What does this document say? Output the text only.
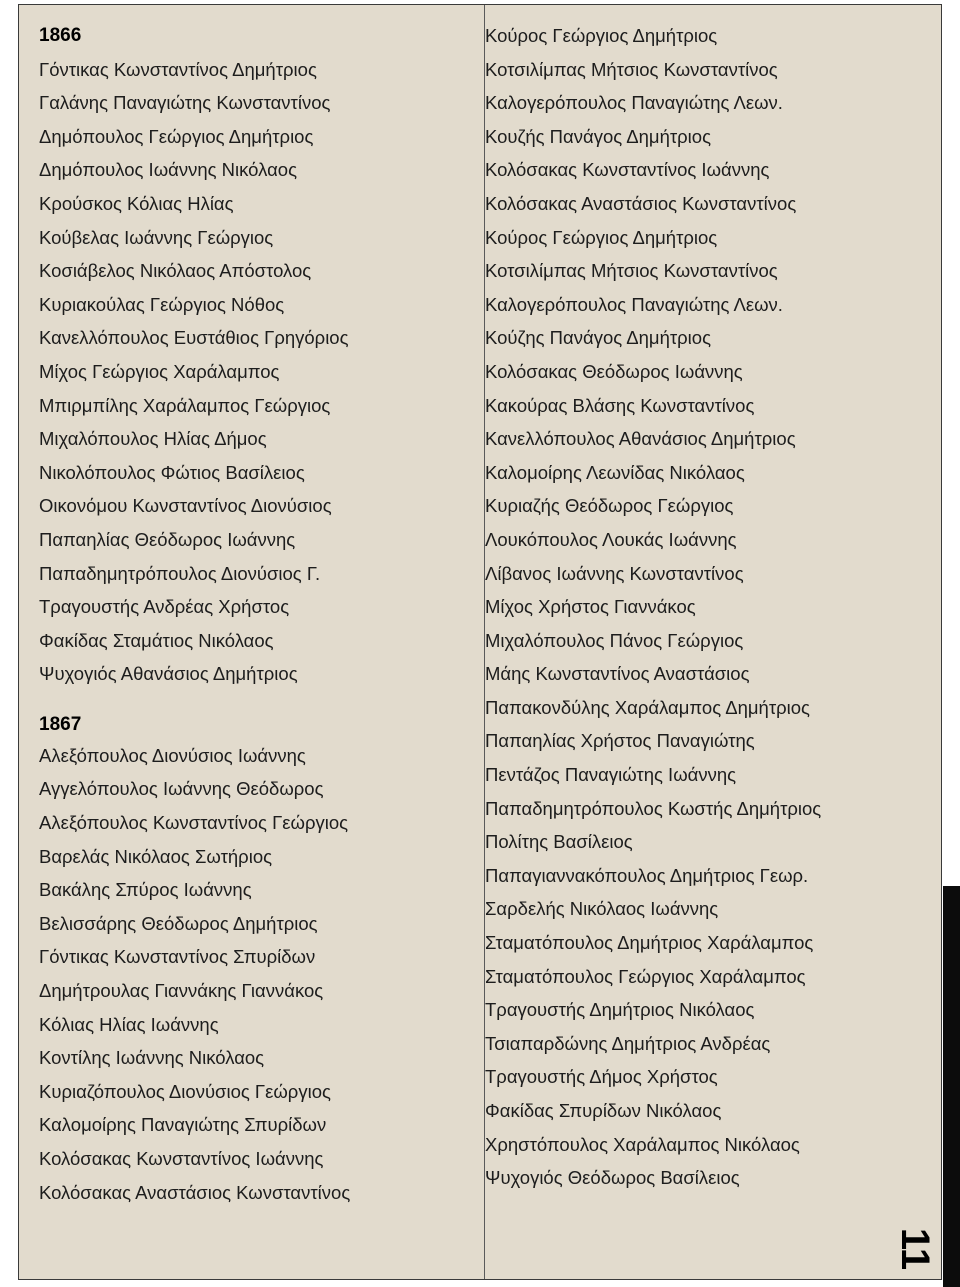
1866
Γόντικας Κωνσταντίνος Δημήτριος
Γαλάνης Παναγιώτης Κωνσταντίνος
Δημόπουλος Γεώργιος Δημήτριος
Δημόπουλος Ιωάννης Νικόλαος
Κρούσκος Κόλιας Ηλίας
Κούβελας Ιωάννης Γεώργιος
Κοσιάβελος Νικόλαος Απόστολος
Κυριακούλας Γεώργιος Νόθος
Κανελλόπουλος Ευστάθιος Γρηγόριος
Μίχος Γεώργιος Χαράλαμπος
Μπιρμπίλης Χαράλαμπος Γεώργιος
Μιχαλόπουλος Ηλίας Δήμος
Νικολόπουλος Φώτιος Βασίλειος
Οικονόμου Κωνσταντίνος Διονύσιος
Παπαηλίας Θεόδωρος Ιωάννης
Παπαδημητρόπουλος Διονύσιος Γ.
Τραγουστής Ανδρέας Χρήστος
Φακίδας Σταμάτιος Νικόλαος
Ψυχογιός Αθανάσιος Δημήτριος
1867
Αλεξόπουλος Διονύσιος Ιωάννης
Αγγελόπουλος Ιωάννης Θεόδωρος
Αλεξόπουλος Κωνσταντίνος Γεώργιος
Βαρελάς Νικόλαος Σωτήριος
Βακάλης Σπύρος Ιωάννης
Βελισσάρης Θεόδωρος Δημήτριος
Γόντικας Κωνσταντίνος Σπυρίδων
Δημήτρουλας Γιαννάκης Γιαννάκος
Κόλιας Ηλίας Ιωάννης
Κοντίλης Ιωάννης Νικόλαος
Κυριαζόπουλος Διονύσιος Γεώργιος
Καλομοίρης Παναγιώτης Σπυρίδων
Κολόσακας Κωνσταντίνος Ιωάννης
Κολόσακας Αναστάσιος Κωνσταντίνος
Κούρος Γεώργιος Δημήτριος
Κοτσιλίμπας Μήτσιος Κωνσταντίνος
Καλογερόπουλος Παναγιώτης Λεων.
Κουζής Πανάγος Δημήτριος
Κολόσακας Κωνσταντίνος Ιωάννης
Κολόσακας Αναστάσιος Κωνσταντίνος
Κούρος Γεώργιος Δημήτριος
Κοτσιλίμπας Μήτσιος Κωνσταντίνος
Καλογερόπουλος Παναγιώτης Λεων.
Κούζης Πανάγος Δημήτριος
Κολόσακας Θεόδωρος Ιωάννης
Κακούρας Βλάσης Κωνσταντίνος
Κανελλόπουλος Αθανάσιος Δημήτριος
Καλομοίρης Λεωνίδας Νικόλαος
Κυριαζής Θεόδωρος Γεώργιος
Λουκόπουλος Λουκάς Ιωάννης
Λίβανος Ιωάννης Κωνσταντίνος
Μίχος Χρήστος Γιαννάκος
Μιχαλόπουλος Πάνος Γεώργιος
Μάης Κωνσταντίνος Αναστάσιος
Παπακονδύλης Χαράλαμπος Δημήτριος
Παπαηλίας Χρήστος Παναγιώτης
Πεντάζος Παναγιώτης Ιωάννης
Παπαδημητρόπουλος Κωστής Δημήτριος
Πολίτης Βασίλειος
Παπαγιαννακόπουλος Δημήτριος Γεωρ.
Σαρδελής Νικόλαος Ιωάννης
Σταματόπουλος Δημήτριος Χαράλαμπος
Σταματόπουλος Γεώργιος Χαράλαμπος
Τραγουστής Δημήτριος Νικόλαος
Τσιαπαρδώνης Δημήτριος Ανδρέας
Τραγουστής Δήμος Χρήστος
Φακίδας Σπυρίδων Νικόλαος
Χρηστόπουλος Χαράλαμπος Νικόλαος
Ψυχογιός Θεόδωρος Βασίλειος
11
